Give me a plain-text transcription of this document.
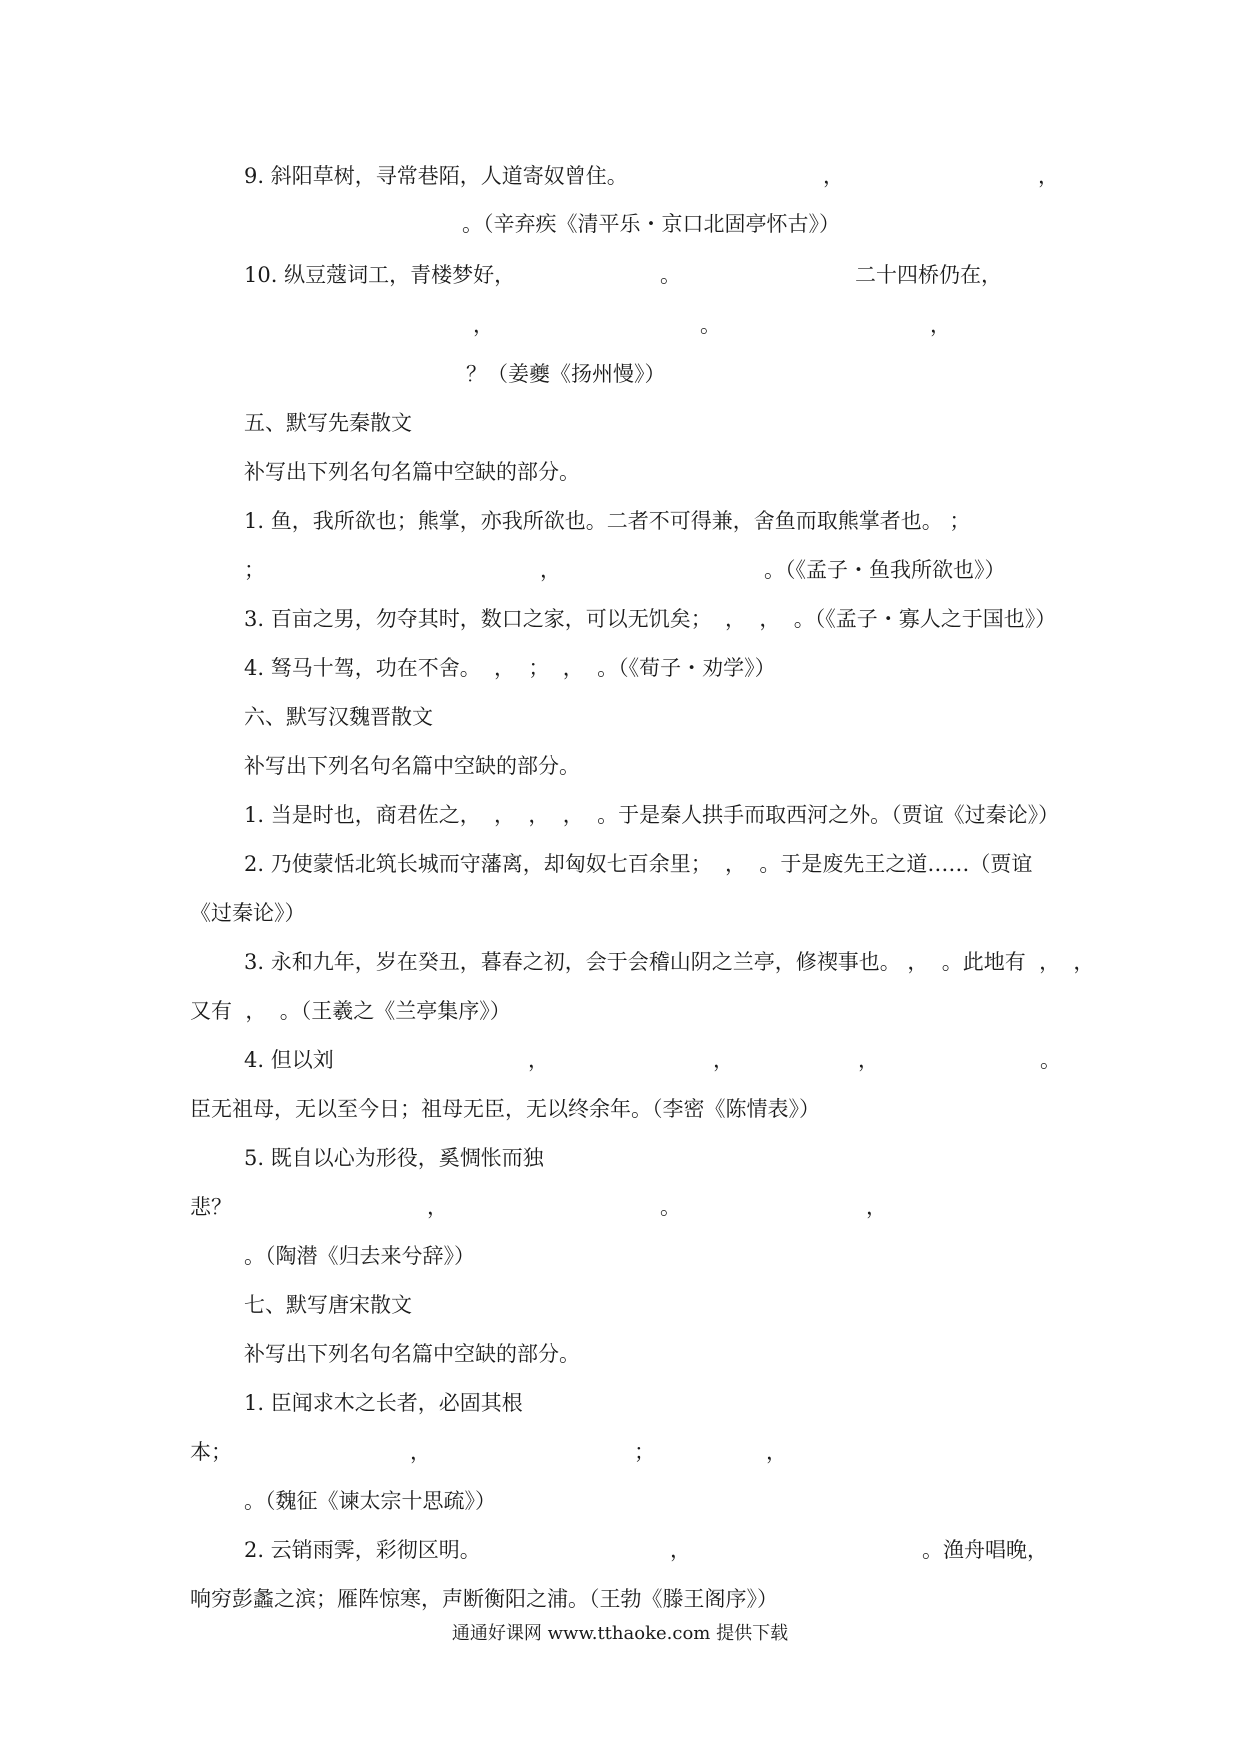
9. 斜阳草树，寻常巷陌，人道寄奴曾住。	，	，
。（辛弃疾《清平乐・京口北固亭怀古》）
10. 纵豆蔻词工，青楼梦好，	。	二十四桥仍在，
，	。	，
？（姜夔《扬州慢》）
五、默写先秦散文
补写出下列名句名篇中空缺的部分。
1. 鱼，我所欲也；熊掌，亦我所欲也。二者不可得兼，舍鱼而取熊掌者也。 ；
；	，	。（《孟子・鱼我所欲也》）
3. 百亩之男，勿夺其时，数口之家，可以无饥矣；  ，  ，  。（《孟子・寡人之于国也》）
4. 驽马十驾，功在不舍。  ，  ；  ，  。（《荀子・劝学》）
六、默写汉魏晋散文
补写出下列名句名篇中空缺的部分。
1. 当是时也，商君佐之，  ，  ，  ，  。于是秦人拱手而取西河之外。（贾谊《过秦论》）
2. 乃使蒙恬北筑长城而守藩离，却匈奴七百余里；  ，  。于是废先王之道……（贾谊
《过秦论》）
3. 永和九年，岁在癸丑，暮春之初，会于会稽山阴之兰亭，修禊事也。 ，  。此地有  ，  ，
又有  ，  。（王羲之《兰亭集序》）
4. 但以刘	，	，	，	。
臣无祖母，无以至今日；祖母无臣，无以终余年。（李密《陈情表》）
5. 既自以心为形役，奚惆怅而独
悲？	，	。	，
。（陶潜《归去来兮辞》）
七、默写唐宋散文
补写出下列名句名篇中空缺的部分。
1. 臣闻求木之长者，必固其根
本；	，	；	，
。（魏征《谏太宗十思疏》）
2. 云销雨霁，彩彻区明。	，	。渔舟唱晚，
响穷彭蠡之滨；雁阵惊寒，声断衡阳之浦。（王勃《滕王阁序》）
通通好课网 www.tthaoke.com 提供下载
